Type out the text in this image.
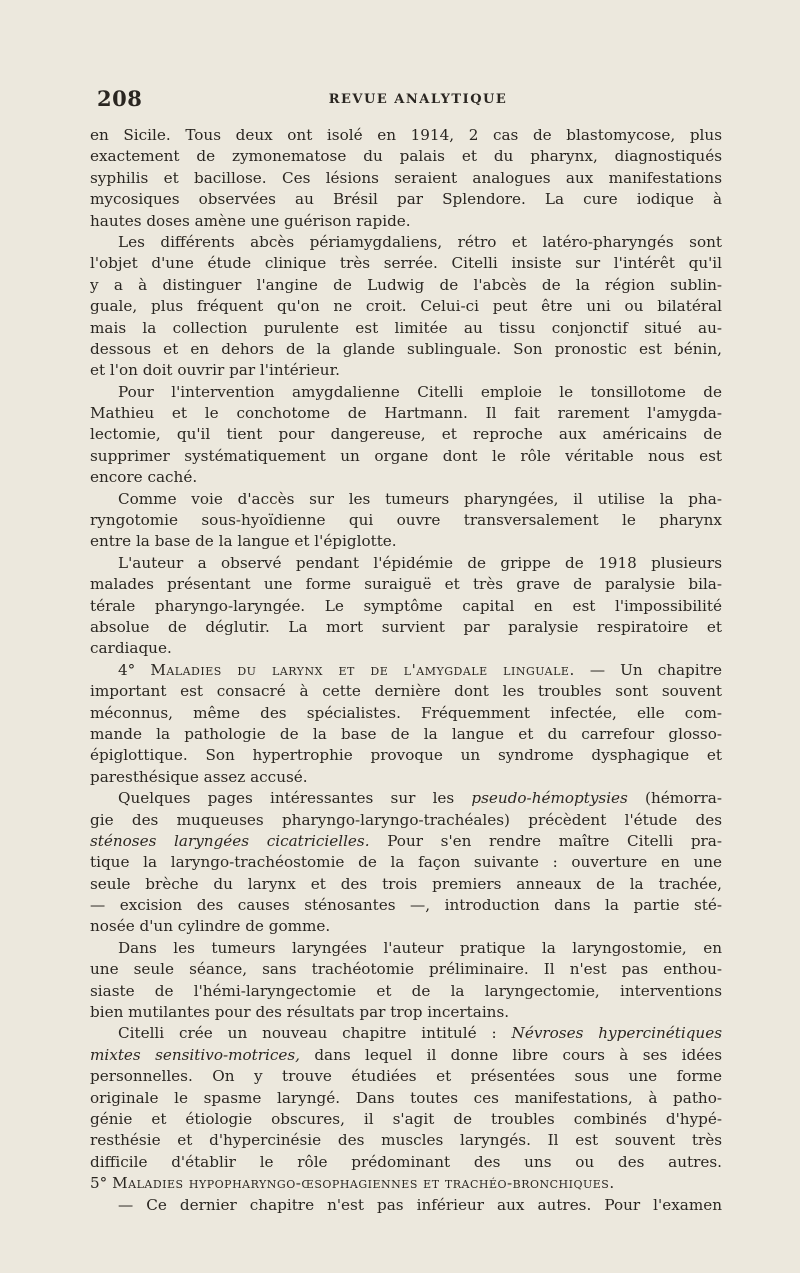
208	REVUE ANALYTIQUE
en Sicile. Tous deux ont isolé en 1914, 2 cas de blastomycose, plus
exactement de zymonematose du palais et du pharynx, diagnostiqués
syphilis et bacillose. Ces lésions seraient analogues aux manifestations
mycosiques observées au Brésil par Splendore. La cure iodique à
hautes doses amène une guérison rapide.
Les différents abcès périamygdaliens, rétro et latéro-pharyngés sont
l'objet d'une étude clinique très serrée. Citelli insiste sur l'intérêt qu'il
y a à distinguer l'angine de Ludwig de l'abcès de la région sublin-
guale, plus fréquent qu'on ne croit. Celui-ci peut être uni ou bilatéral
mais la collection purulente est limitée au tissu conjonctif situé au-
dessous et en dehors de la glande sublinguale. Son pronostic est bénin,
et l'on doit ouvrir par l'intérieur.
Pour l'intervention amygdalienne Citelli emploie le tonsillotome de
Mathieu et le conchotome de Hartmann. Il fait rarement l'amygda-
lectomie, qu'il tient pour dangereuse, et reproche aux américains de
supprimer systématiquement un organe dont le rôle véritable nous est
encore caché.
Comme voie d'accès sur les tumeurs pharyngées, il utilise la pha-
ryngotomie sous-hyoïdienne qui ouvre transversalement le pharynx
entre la base de la langue et l'épiglotte.
L'auteur a observé pendant l'épidémie de grippe de 1918 plusieurs
malades présentant une forme suraiguë et très grave de paralysie bila-
térale pharyngo-laryngée. Le symptôme capital en est l'impossibilité
absolue de déglutir. La mort survient par paralysie respiratoire et
cardiaque.
4° Maladies du larynx et de l'amygdale linguale. — Un chapitre
important est consacré à cette dernière dont les troubles sont souvent
méconnus, même des spécialistes. Fréquemment infectée, elle com-
mande la pathologie de la base de la langue et du carrefour glosso-
épiglottique. Son hypertrophie provoque un syndrome dysphagique et
paresthésique assez accusé.
Quelques pages intéressantes sur les pseudo-hémoptysies (hémorra-
gie des muqueuses pharyngo-laryngo-trachéales) précèdent l'étude des
sténoses laryngées cicatricielles. Pour s'en rendre maître Citelli pra-
tique la laryngo-trachéostomie de la façon suivante : ouverture en une
seule brèche du larynx et des trois premiers anneaux de la trachée,
— excision des causes sténosantes —, introduction dans la partie sté-
nosée d'un cylindre de gomme.
Dans les tumeurs laryngées l'auteur pratique la laryngostomie, en
une seule séance, sans trachéotomie préliminaire. Il n'est pas enthou-
siaste de l'hémi-laryngectomie et de la laryngectomie, interventions
bien mutilantes pour des résultats par trop incertains.
Citelli crée un nouveau chapitre intitulé : Névroses hypercinétiques
mixtes sensitivo-motrices, dans lequel il donne libre cours à ses idées
personnelles. On y trouve étudiées et présentées sous une forme
originale le spasme laryngé. Dans toutes ces manifestations, à patho-
génie et étiologie obscures, il s'agit de troubles combinés d'hypé-
resthésie et d'hypercinésie des muscles laryngés. Il est souvent très
difficile d'établir le rôle prédominant des uns ou des autres.
5° Maladies hypopharyngo-œsophagiennes et trachéo-bronchiques.
— Ce dernier chapitre n'est pas inférieur aux autres. Pour l'examen
